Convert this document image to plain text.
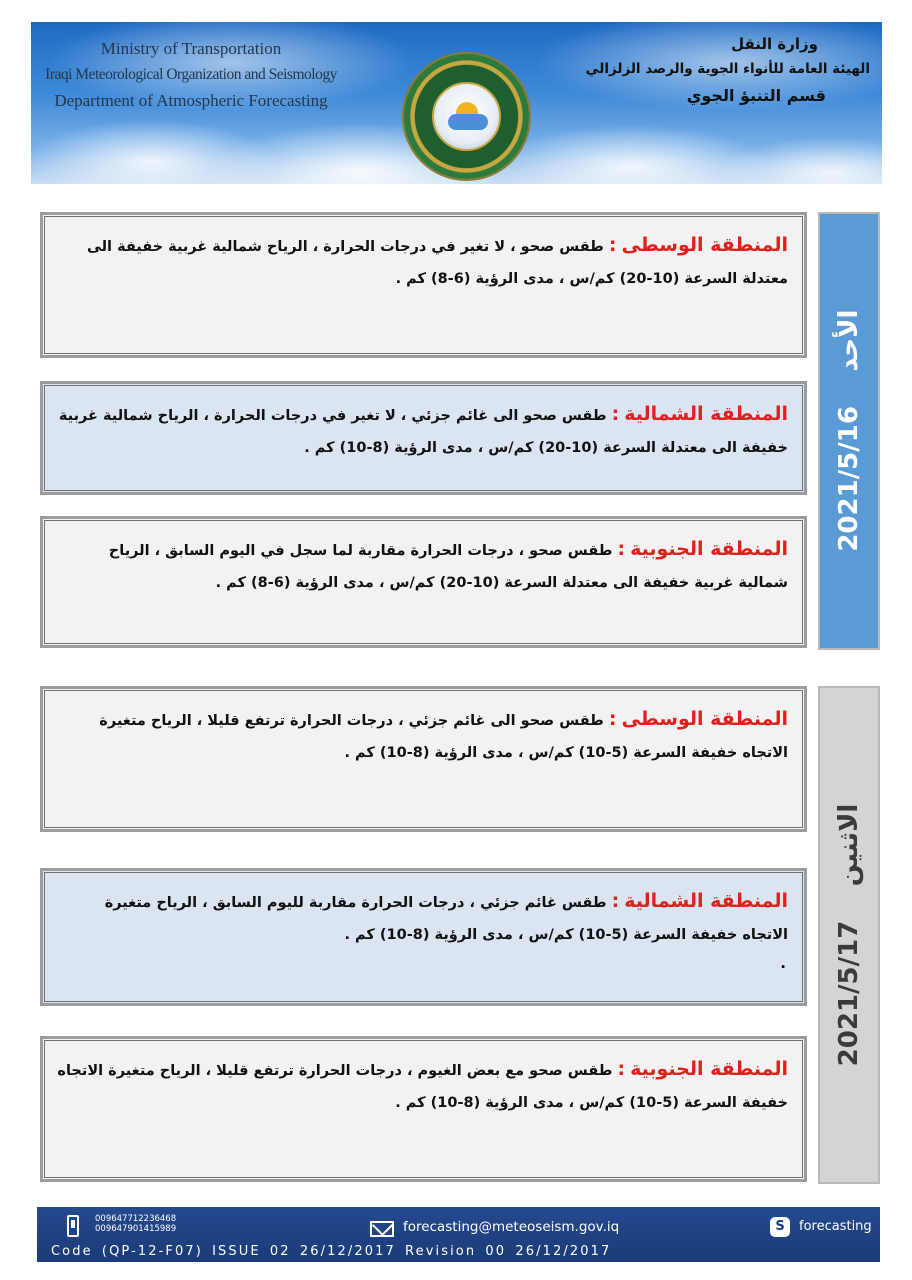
Ministry of Transportation
Iraqi Meteorological Organization and Seismology
Department of Atmospheric Forecasting
وزارة النقل
الهيئة العامة للأنواء الجوية والرصد الزلزالي
قسم التنبؤ الجوي
2021/5/16
الأحد

المنطقة الوسطى : طقس صحو ، لا تغير في درجات الحرارة ، الرياح شمالية غربية خفيفة الى معتدلة السرعة (10-20) كم/س ، مدى الرؤية (6-8) كم .

المنطقة الشمالية : طقس صحو الى غائم جزئي ، لا تغير في درجات الحرارة ، الرياح شمالية غربية خفيفة الى معتدلة السرعة (10-20) كم/س ، مدى الرؤية (8-10) كم .

المنطقة الجنوبية : طقس صحو ، درجات الحرارة مقاربة لما سجل في اليوم السابق ، الرياح شمالية غربية خفيفة الى معتدلة السرعة (10-20) كم/س ، مدى الرؤية (6-8) كم .

2021/5/17
الاثنين

المنطقة الوسطى : طقس صحو الى غائم جزئي ، درجات الحرارة ترتفع قليلا ، الرياح متغيرة الاتجاه خفيفة السرعة (5-10) كم/س ، مدى الرؤية (8-10) كم .

المنطقة الشمالية : طقس غائم جزئي ، درجات الحرارة مقاربة لليوم السابق ، الرياح متغيرة الاتجاه خفيفة السرعة (5-10) كم/س ، مدى الرؤية (8-10) كم .

.

المنطقة الجنوبية : طقس صحو مع بعض الغيوم ، درجات الحرارة ترتفع قليلا ، الرياح متغيرة الاتجاه خفيفة السرعة (5-10) كم/س ، مدى الرؤية (8-10) كم .

009647712236468
009647901415989	forecasting@meteoseism.gov.iq	S	forecasting
Code (QP-12-F07) ISSUE 02 26/12/2017 Revision 00 26/12/2017
